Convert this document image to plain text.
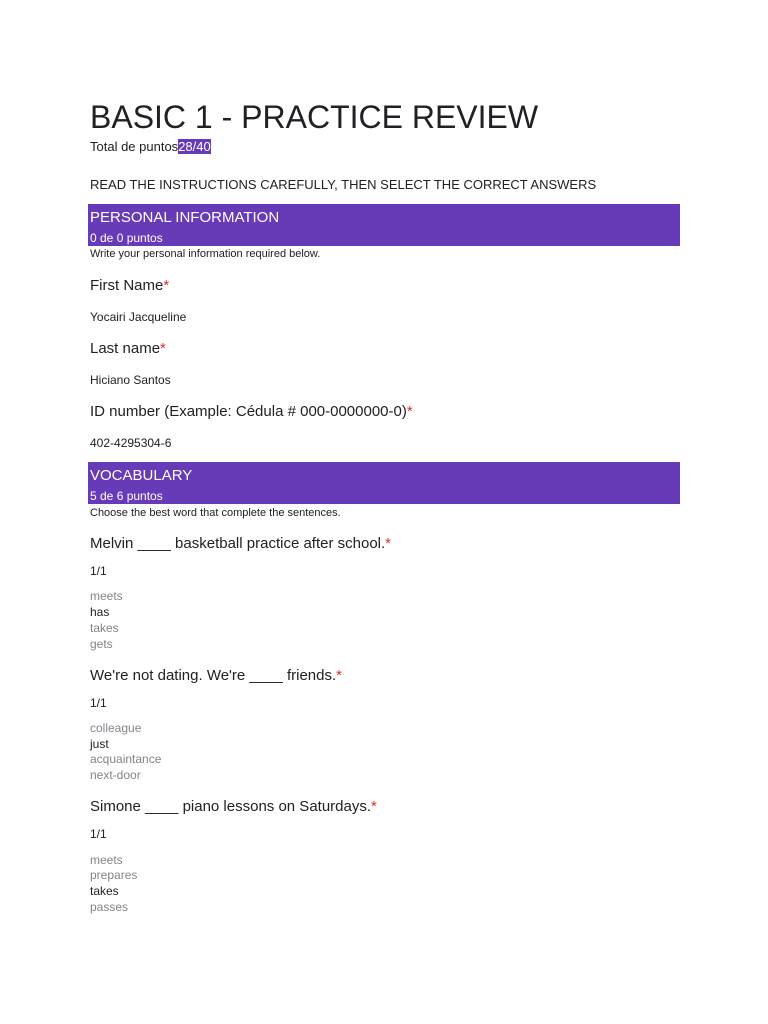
BASIC 1 - PRACTICE REVIEW
Total de puntos28/40
READ THE INSTRUCTIONS CAREFULLY, THEN SELECT THE CORRECT ANSWERS
PERSONAL INFORMATION
0 de 0 puntos
Write your personal information required below.
First Name*
Yocairi Jacqueline
Last name*
Hiciano Santos
ID number (Example: Cédula # 000-0000000-0)*
402-4295304-6
VOCABULARY
5 de 6 puntos
Choose the best word that complete the sentences.
Melvin ____ basketball practice after school.*
1/1
meets
has
takes
gets
We're not dating. We're ____ friends.*
1/1
colleague
just
acquaintance
next-door
Simone ____ piano lessons on Saturdays.*
1/1
meets
prepares
takes
passes
